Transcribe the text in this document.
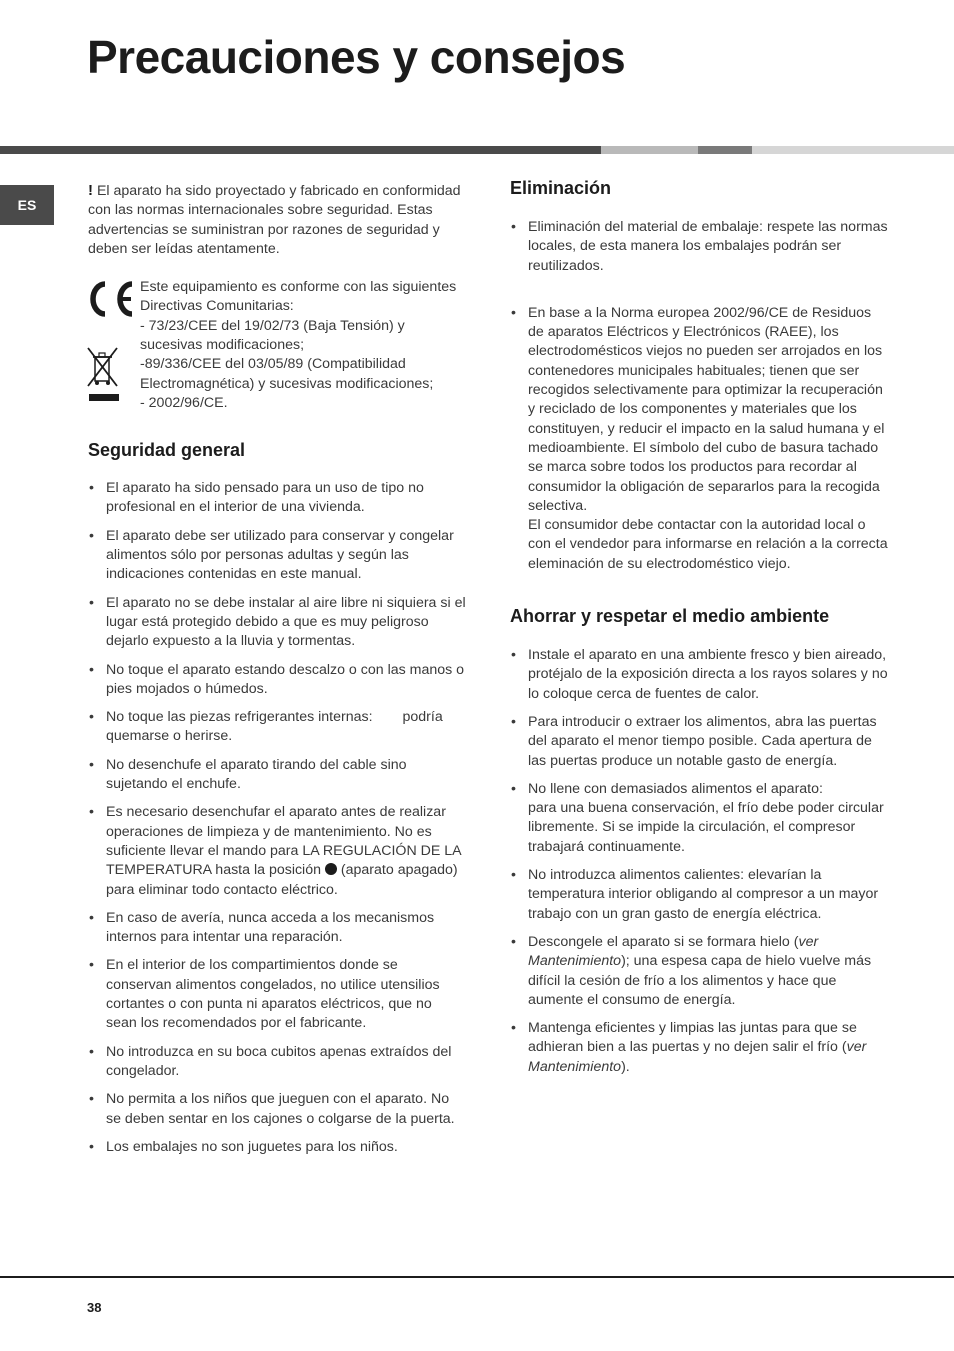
Precauciones y consejos
ES

! El aparato ha sido proyectado y fabricado en conformidad con las normas internacionales sobre seguridad. Estas advertencias se suministran por razones de seguridad y deben ser leídas atentamente.

Este equipamiento es conforme con las siguientes Directivas Comunitarias:
- 73/23/CEE del 19/02/73 (Baja Tensión) y sucesivas modificaciones;
-89/336/CEE del 03/05/89 (Compatibilidad Electromagnética) y sucesivas modificaciones;
- 2002/96/CE.

Seguridad general
• El aparato ha sido pensado para un uso de tipo no profesional en el interior de una vivienda.
• El aparato debe ser utilizado para conservar y congelar alimentos sólo por personas adultas y según las indicaciones contenidas en este manual.
• El aparato no se debe instalar al aire libre ni siquiera si el lugar está protegido debido a que es muy peligroso dejarlo expuesto a la lluvia y tormentas.
• No toque el aparato estando descalzo o con las manos o pies mojados o húmedos.
• No toque las piezas refrigerantes internas: podría quemarse o herirse.
• No desenchufe el aparato tirando del cable sino sujetando el enchufe.
• Es necesario desenchufar el aparato antes de realizar operaciones de limpieza y de mantenimiento. No es suficiente llevar el mando para LA REGULACIÓN DE LA TEMPERATURA hasta la posición (aparato apagado) para eliminar todo contacto eléctrico.
• En caso de avería, nunca acceda a los mecanismos internos para intentar una reparación.
• En el interior de los compartimientos donde se conservan alimentos congelados, no utilice utensilios cortantes o con punta ni aparatos eléctricos, que no sean los recomendados por el fabricante.
• No introduzca en su boca cubitos apenas extraídos del congelador.
• No permita a los niños que jueguen con el aparato. No se deben sentar en los cajones o colgarse de la puerta.
• Los embalajes no son juguetes para los niños.
Eliminación
• Eliminación del material de embalaje: respete las normas locales, de esta manera los embalajes podrán ser reutilizados.
• En base a la Norma europea 2002/96/CE de Residuos de aparatos Eléctricos y Electrónicos (RAEE), los electrodomésticos viejos no pueden ser arrojados en los contenedores municipales habituales; tienen que ser recogidos selectivamente para optimizar la recuperación y reciclado de los componentes y materiales que los constituyen, y reducir el impacto en la salud humana y el medioambiente. El símbolo del cubo de basura tachado se marca sobre todos los productos para recordar al consumidor la obligación de separarlos para la recogida selectiva.
El consumidor debe contactar con la autoridad local o con el vendedor para informarse en relación a la correcta eleminación de su electrodoméstico viejo.
Ahorrar y respetar el medio ambiente
• Instale el aparato en una ambiente fresco y bien aireado, protéjalo de la exposición directa a los rayos solares y no lo coloque cerca de fuentes de calor.
• Para introducir o extraer los alimentos, abra las puertas del aparato el menor tiempo posible. Cada apertura de las puertas produce un notable gasto de energía.
• No llene con demasiados alimentos el aparato:
para una buena conservación, el frío debe poder circular libremente. Si se impide la circulación, el compresor trabajará continuamente.
• No introduzca alimentos calientes: elevarían la temperatura interior obligando al compresor a un mayor trabajo con un gran gasto de energía eléctrica.
• Descongele el aparato si se formara hielo (ver Mantenimiento); una espesa capa de hielo vuelve más difícil la cesión de frío a los alimentos y hace que aumente el consumo de energía.
• Mantenga eficientes y limpias las juntas para que se adhieran bien a las puertas y no dejen salir el frío (ver Mantenimiento).
38
